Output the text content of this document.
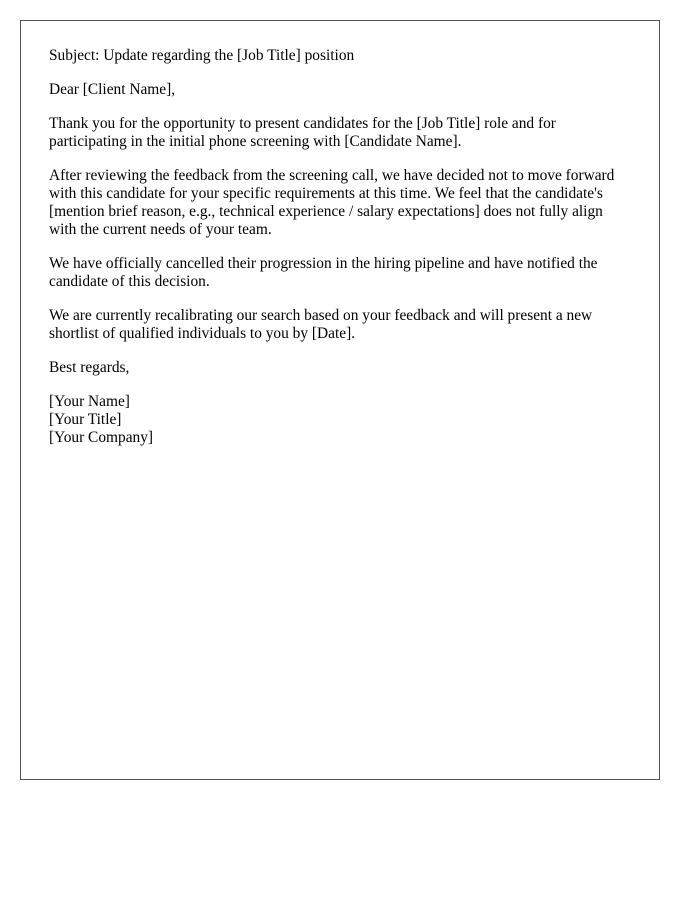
Subject: Update regarding the [Job Title] position

Dear [Client Name],

Thank you for the opportunity to present candidates for the [Job Title] role and for participating in the initial phone screening with [Candidate Name].

After reviewing the feedback from the screening call, we have decided not to move forward with this candidate for your specific requirements at this time. We feel that the candidate's [mention brief reason, e.g., technical experience / salary expectations] does not fully align with the current needs of your team.

We have officially cancelled their progression in the hiring pipeline and have notified the candidate of this decision.

We are currently recalibrating our search based on your feedback and will present a new shortlist of qualified individuals to you by [Date].

Best regards,

[Your Name]

[Your Title]

[Your Company]
